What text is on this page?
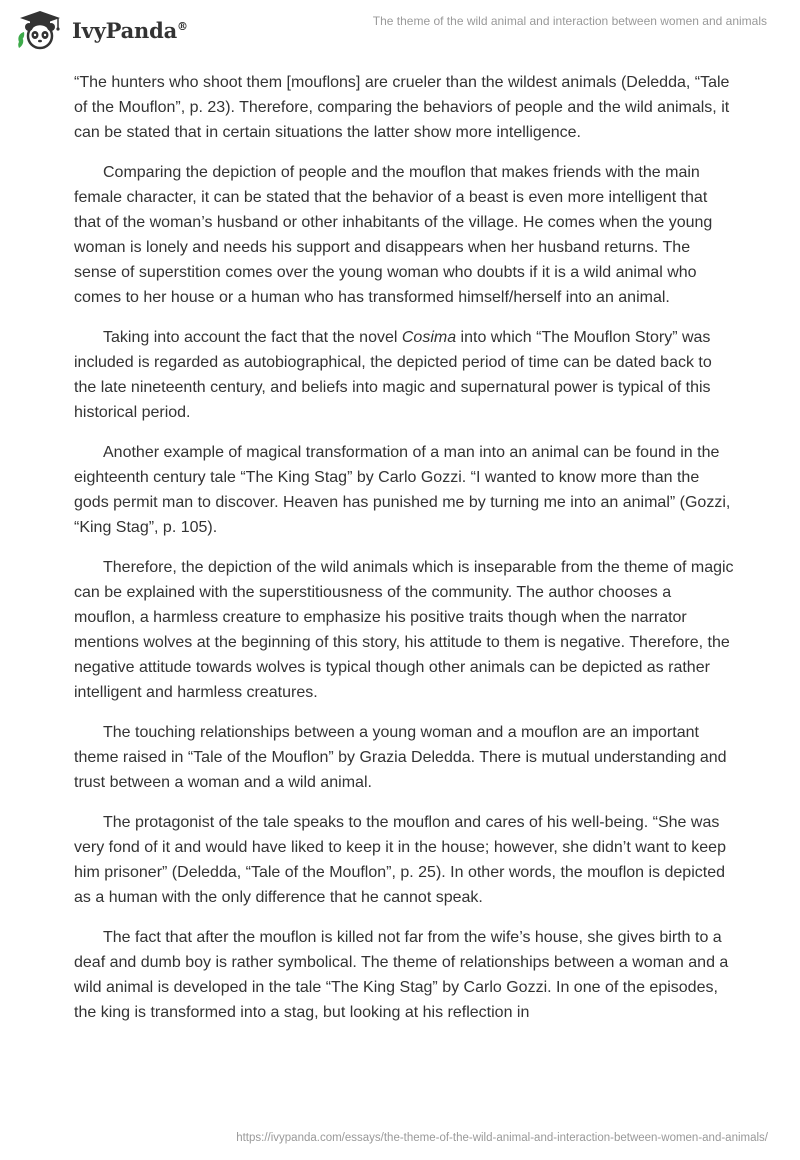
IvyPanda®	The theme of the wild animal and interaction between women and animals

“The hunters who shoot them [mouflons] are crueler than the wildest animals (Deledda, “Tale of the Mouflon”, p. 23). Therefore, comparing the behaviors of people and the wild animals, it can be stated that in certain situations the latter show more intelligence.

Comparing the depiction of people and the mouflon that makes friends with the main female character, it can be stated that the behavior of a beast is even more intelligent that that of the woman’s husband or other inhabitants of the village. He comes when the young woman is lonely and needs his support and disappears when her husband returns. The sense of superstition comes over the young woman who doubts if it is a wild animal who comes to her house or a human who has transformed himself/herself into an animal.

Taking into account the fact that the novel Cosima into which “The Mouflon Story” was included is regarded as autobiographical, the depicted period of time can be dated back to the late nineteenth century, and beliefs into magic and supernatural power is typical of this historical period.

Another example of magical transformation of a man into an animal can be found in the eighteenth century tale “The King Stag” by Carlo Gozzi. “I wanted to know more than the gods permit man to discover. Heaven has punished me by turning me into an animal” (Gozzi, “King Stag”, p. 105).

Therefore, the depiction of the wild animals which is inseparable from the theme of magic can be explained with the superstitiousness of the community. The author chooses a mouflon, a harmless creature to emphasize his positive traits though when the narrator mentions wolves at the beginning of this story, his attitude to them is negative. Therefore, the negative attitude towards wolves is typical though other animals can be depicted as rather intelligent and harmless creatures.

The touching relationships between a young woman and a mouflon are an important theme raised in “Tale of the Mouflon” by Grazia Deledda. There is mutual understanding and trust between a woman and a wild animal.

The protagonist of the tale speaks to the mouflon and cares of his well-being. “She was very fond of it and would have liked to keep it in the house; however, she didn’t want to keep him prisoner” (Deledda, “Tale of the Mouflon”, p. 25). In other words, the mouflon is depicted as a human with the only difference that he cannot speak.

The fact that after the mouflon is killed not far from the wife’s house, she gives birth to a deaf and dumb boy is rather symbolical. The theme of relationships between a woman and a wild animal is developed in the tale “The King Stag” by Carlo Gozzi. In one of the episodes, the king is transformed into a stag, but looking at his reflection in

https://ivypanda.com/essays/the-theme-of-the-wild-animal-and-interaction-between-women-and-animals/
